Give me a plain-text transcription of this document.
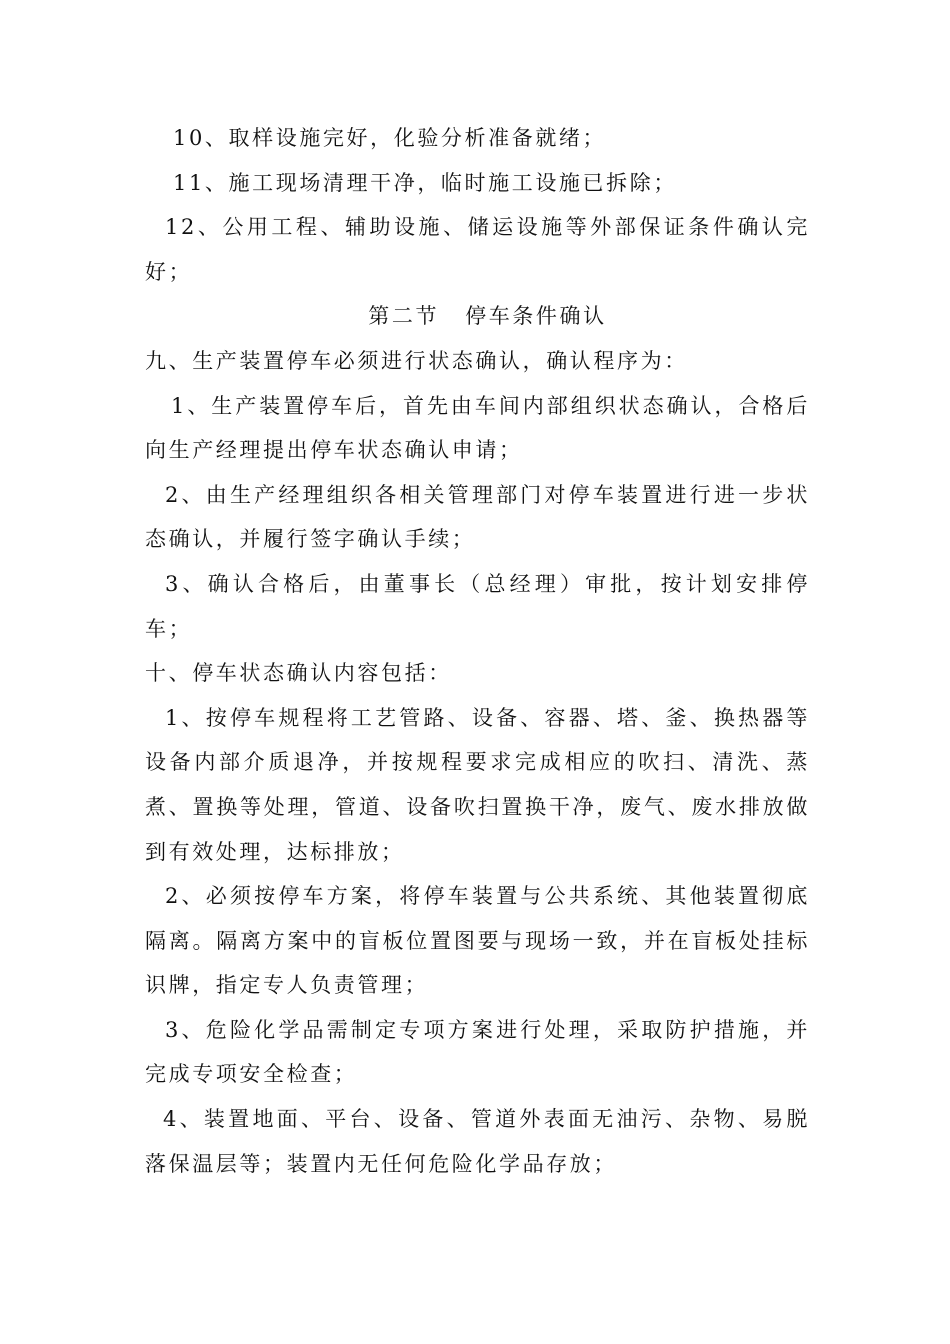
10、取样设施完好，化验分析准备就绪；

11、施工现场清理干净，临时施工设施已拆除；

12、公用工程、辅助设施、储运设施等外部保证条件确认完好；

第二节 停车条件确认

九、生产装置停车必须进行状态确认，确认程序为：

1、生产装置停车后，首先由车间内部组织状态确认，合格后向生产经理提出停车状态确认申请；

2、由生产经理组织各相关管理部门对停车装置进行进一步状态确认，并履行签字确认手续；

3、确认合格后，由董事长（总经理）审批，按计划安排停车；

十、停车状态确认内容包括：

1、按停车规程将工艺管路、设备、容器、塔、釜、换热器等设备内部介质退净，并按规程要求完成相应的吹扫、清洗、蒸煮、置换等处理，管道、设备吹扫置换干净，废气、废水排放做到有效处理，达标排放；

2、必须按停车方案，将停车装置与公共系统、其他装置彻底隔离。隔离方案中的盲板位置图要与现场一致，并在盲板处挂标识牌，指定专人负责管理；

3、危险化学品需制定专项方案进行处理，采取防护措施，并完成专项安全检查；

4、装置地面、平台、设备、管道外表面无油污、杂物、易脱落保温层等；装置内无任何危险化学品存放；
